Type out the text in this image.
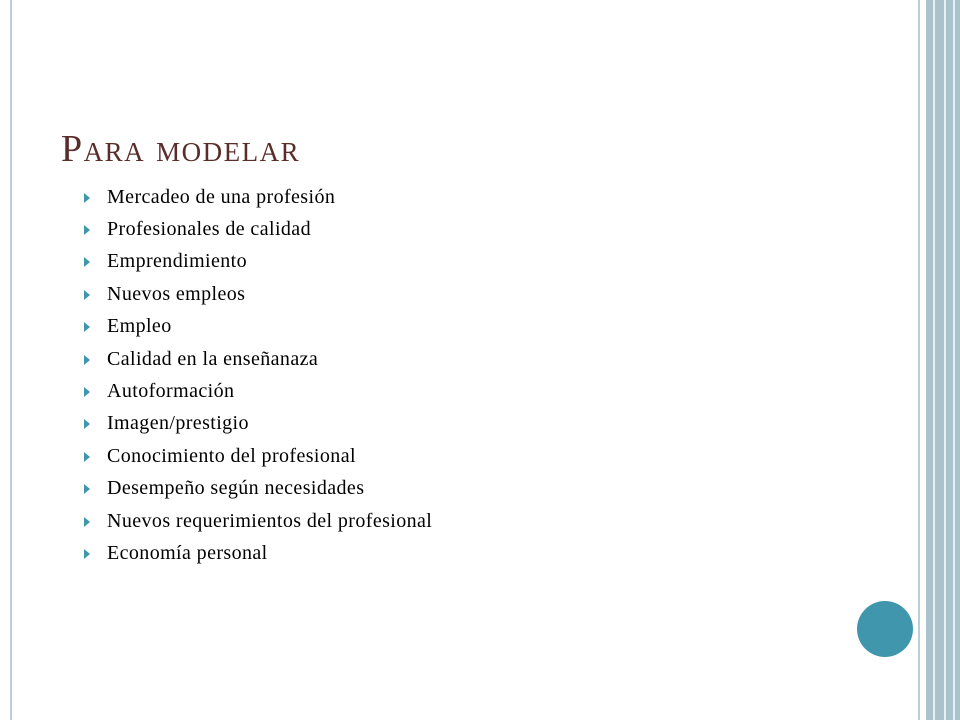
Para modelar
Mercadeo de una profesión
Profesionales de calidad
Emprendimiento
Nuevos empleos
Empleo
Calidad en la enseñanaza
Autoformación
Imagen/prestigio
Conocimiento del profesional
Desempeño según necesidades
Nuevos requerimientos del profesional
Economía personal
